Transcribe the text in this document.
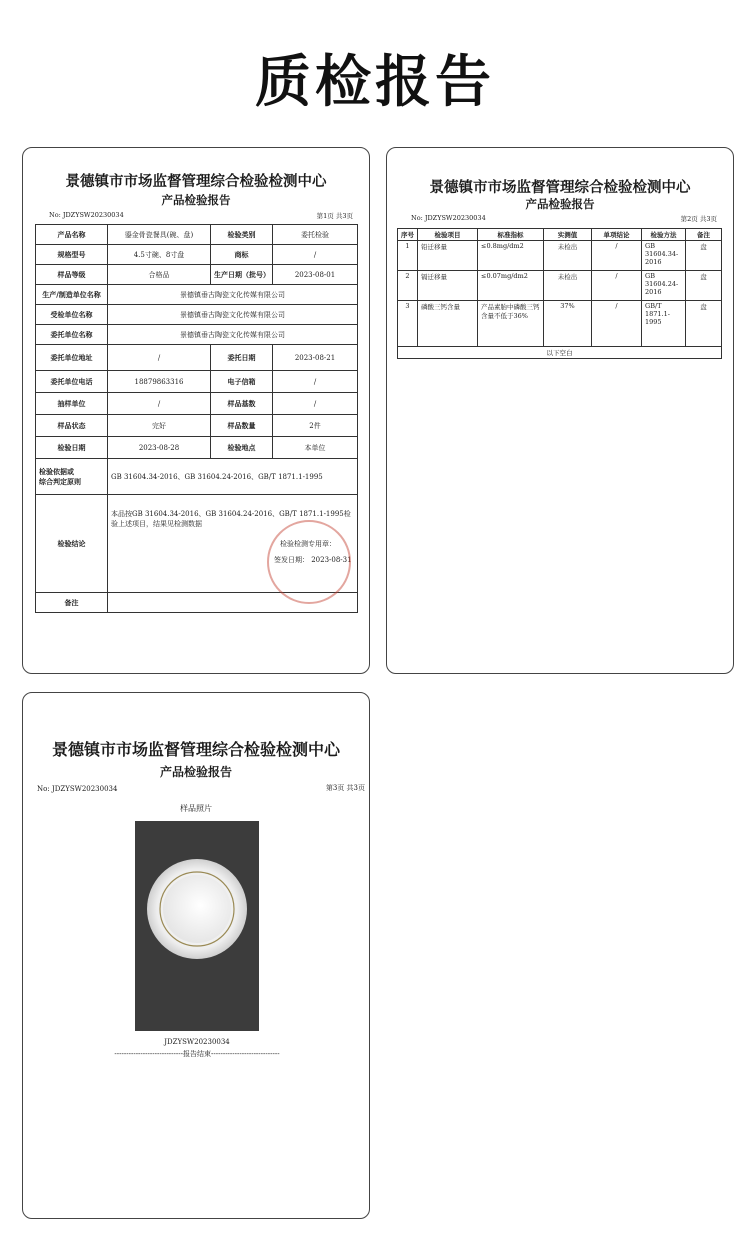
质检报告
景德镇市市场监督管理综合检验检测中心
产品检验报告
No: JDZYSW20230034	第1页 共3页
产品名称	鎏金骨瓷餐具(碗、盘)	检验类别	委托检验
规格型号	4.5寸碗、8寸盘	商标	/
样品等级	合格品	生产日期（批号）	2023-08-01
生产/制造单位名称	景德镇垂古陶瓷文化传媒有限公司		
受检单位名称	景德镇垂古陶瓷文化传媒有限公司		
委托单位名称	景德镇垂古陶瓷文化传媒有限公司		
委托单位地址	/	委托日期	2023-08-21
委托单位电话	18879863316	电子信箱	/
抽样单位	/	样品基数	/
样品状态	完好	样品数量	2件
检验日期	2023-08-28	检验地点	本单位

检验依据或
综合判定原则	GB 31604.34-2016、GB 31604.24-2016、GB/T 1871.1-1995		
检验结论	本品按GB 31604.34-2016、GB 31604.24-2016、GB/T 1871.1-1995检
验上述项目，结果见检测数据
检验检测专用章：
签发日期： 2023-08-31		

备注			
景德镇市市场监督管理综合检验检测中心
产品检验报告
No: JDZYSW20230034	第2页 共3页
序号	检验项目	标准指标	实测值	单项结论	检验方法	备注
1	铅迁移量	≤0.8mg/dm2	未检出	/	GB 31604.34-2016	盘
2	镉迁移量	≤0.07mg/dm2	未检出	/	GB 31604.24-2016	盘
3	磷酸三钙含量	产品素胎中磷酸三钙含量不低于36%	37%	/	GB/T 1871.1-1995	盘
以下空白						
景德镇市市场监督管理综合检验检测中心
产品检验报告
No: JDZYSW20230034	第3页 共3页
样品照片
JDZYSW20230034
-----------------------------报告结束-----------------------------
